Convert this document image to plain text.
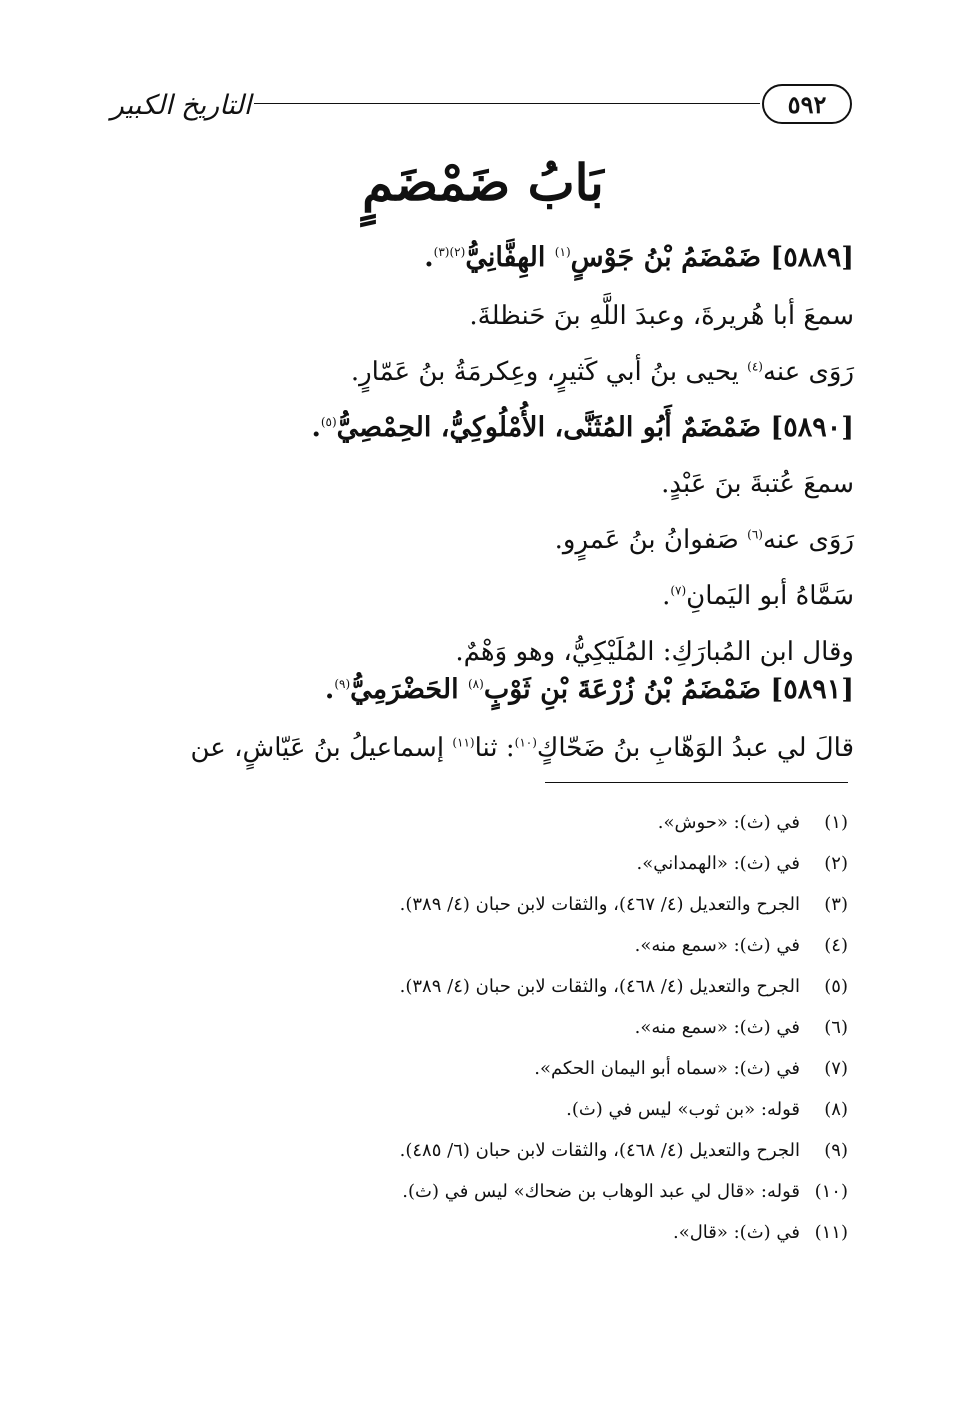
٥٩٢
التاريخ الكبير
بَابُ ضَمْضَمٍ
[٥٨٨٩] ضَمْضَمُ بْنُ جَوْسٍ$^{(١)}$ الهِفَّانِيُّ$^{(٢)(٣)}$.
سمعَ أبا هُريرةَ، وعبدَ اللَّهِ بنَ حَنظلةَ.
رَوَى عنه$^{(٤)}$ يحيى بنُ أبي كَثيرٍ، وعِكرمَةُ بنُ عَمّارٍ.
[٥٨٩٠] ضَمْضَمٌ أَبُو المُثَنَّى، الأُمْلُوكِيُّ، الحِمْصِيُّ$^{(٥)}$.
سمعَ عُتبةَ بنَ عَبْدٍ.
رَوَى عنه$^{(٦)}$ صَفوانُ بنُ عَمرٍو.
سَمَّاهُ أبو اليَمانِ$^{(٧)}$.
وقال ابن المُبارَكِ: المُلَيْكِيُّ، وهو وَهْمٌ.
[٥٨٩١] ضَمْضَمُ بْنُ زُرْعَةَ بْنِ ثَوْبٍ$^{(٨)}$ الحَضْرَمِيُّ$^{(٩)}$.
قالَ لي عبدُ الوَهّابِ بنُ ضَحّاكٍ$^{(١٠)}$: ثنا$^{(١١)}$ إسماعيلُ بنُ عَيّاشٍ، عن
(١)في (ث): «حوش».
(٢)في (ث): «الهمداني».
(٣)الجرح والتعديل (٤/ ٤٦٧)، والثقات لابن حبان (٤/ ٣٨٩).
(٤)في (ث): «سمع منه».
(٥)الجرح والتعديل (٤/ ٤٦٨)، والثقات لابن حبان (٤/ ٣٨٩).
(٦)في (ث): «سمع منه».
(٧)في (ث): «سماه أبو اليمان الحكم».
(٨)قوله: «بن ثوب» ليس في (ث).
(٩)الجرح والتعديل (٤/ ٤٦٨)، والثقات لابن حبان (٦/ ٤٨٥).
(١٠)قوله: «قال لي عبد الوهاب بن ضحاك» ليس في (ث).
(١١)في (ث): «قال».
